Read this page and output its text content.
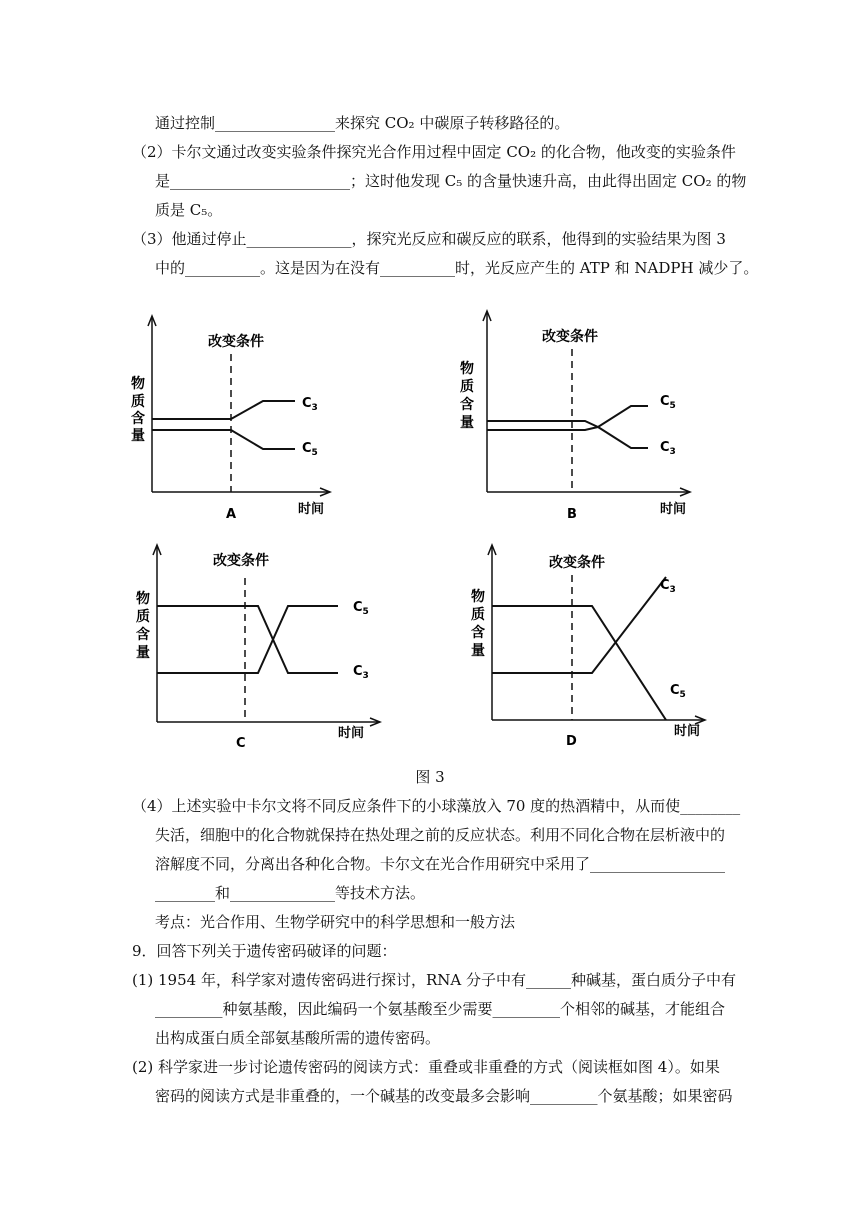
通过控制________________来探究 CO₂ 中碳原子转移路径的。
（2）卡尔文通过改变实验条件探究光合作用过程中固定 CO₂ 的化合物，他改变的实验条件
是________________________；这时他发现 C₅ 的含量快速升高，由此得出固定 CO₂ 的物
质是 C₅。
（3）他通过停止______________，探究光反应和碳反应的联系，他得到的实验结果为图 3
中的__________。这是因为在没有__________时，光反应产生的 ATP 和 NADPH 减少了。
改变条件
物
质
含
量
$C_3$
$C_5$
A	时间
改变条件
物
质
含
量
$C_5$
$C_3$
B	时间
改变条件
物
质
含
量
$C_5$
$C_3$
C
时间
改变条件
物
质
含
量
$C_3$
$C_5$
D
时间
图 3
（4）上述实验中卡尔文将不同反应条件下的小球藻放入 70 度的热酒精中，从而使________
失活，细胞中的化合物就保持在热处理之前的反应状态。利用不同化合物在层析液中的
溶解度不同，分离出各种化合物。卡尔文在光合作用研究中采用了__________________
________和______________等技术方法。
考点：光合作用、生物学研究中的科学思想和一般方法
9．回答下列关于遗传密码破译的问题：
(1) 1954 年，科学家对遗传密码进行探讨，RNA 分子中有______种碱基，蛋白质分子中有
_________种氨基酸，因此编码一个氨基酸至少需要_________个相邻的碱基，才能组合
出构成蛋白质全部氨基酸所需的遗传密码。
(2) 科学家进一步讨论遗传密码的阅读方式：重叠或非重叠的方式（阅读框如图 4）。如果
密码的阅读方式是非重叠的，一个碱基的改变最多会影响_________个氨基酸；如果密码
